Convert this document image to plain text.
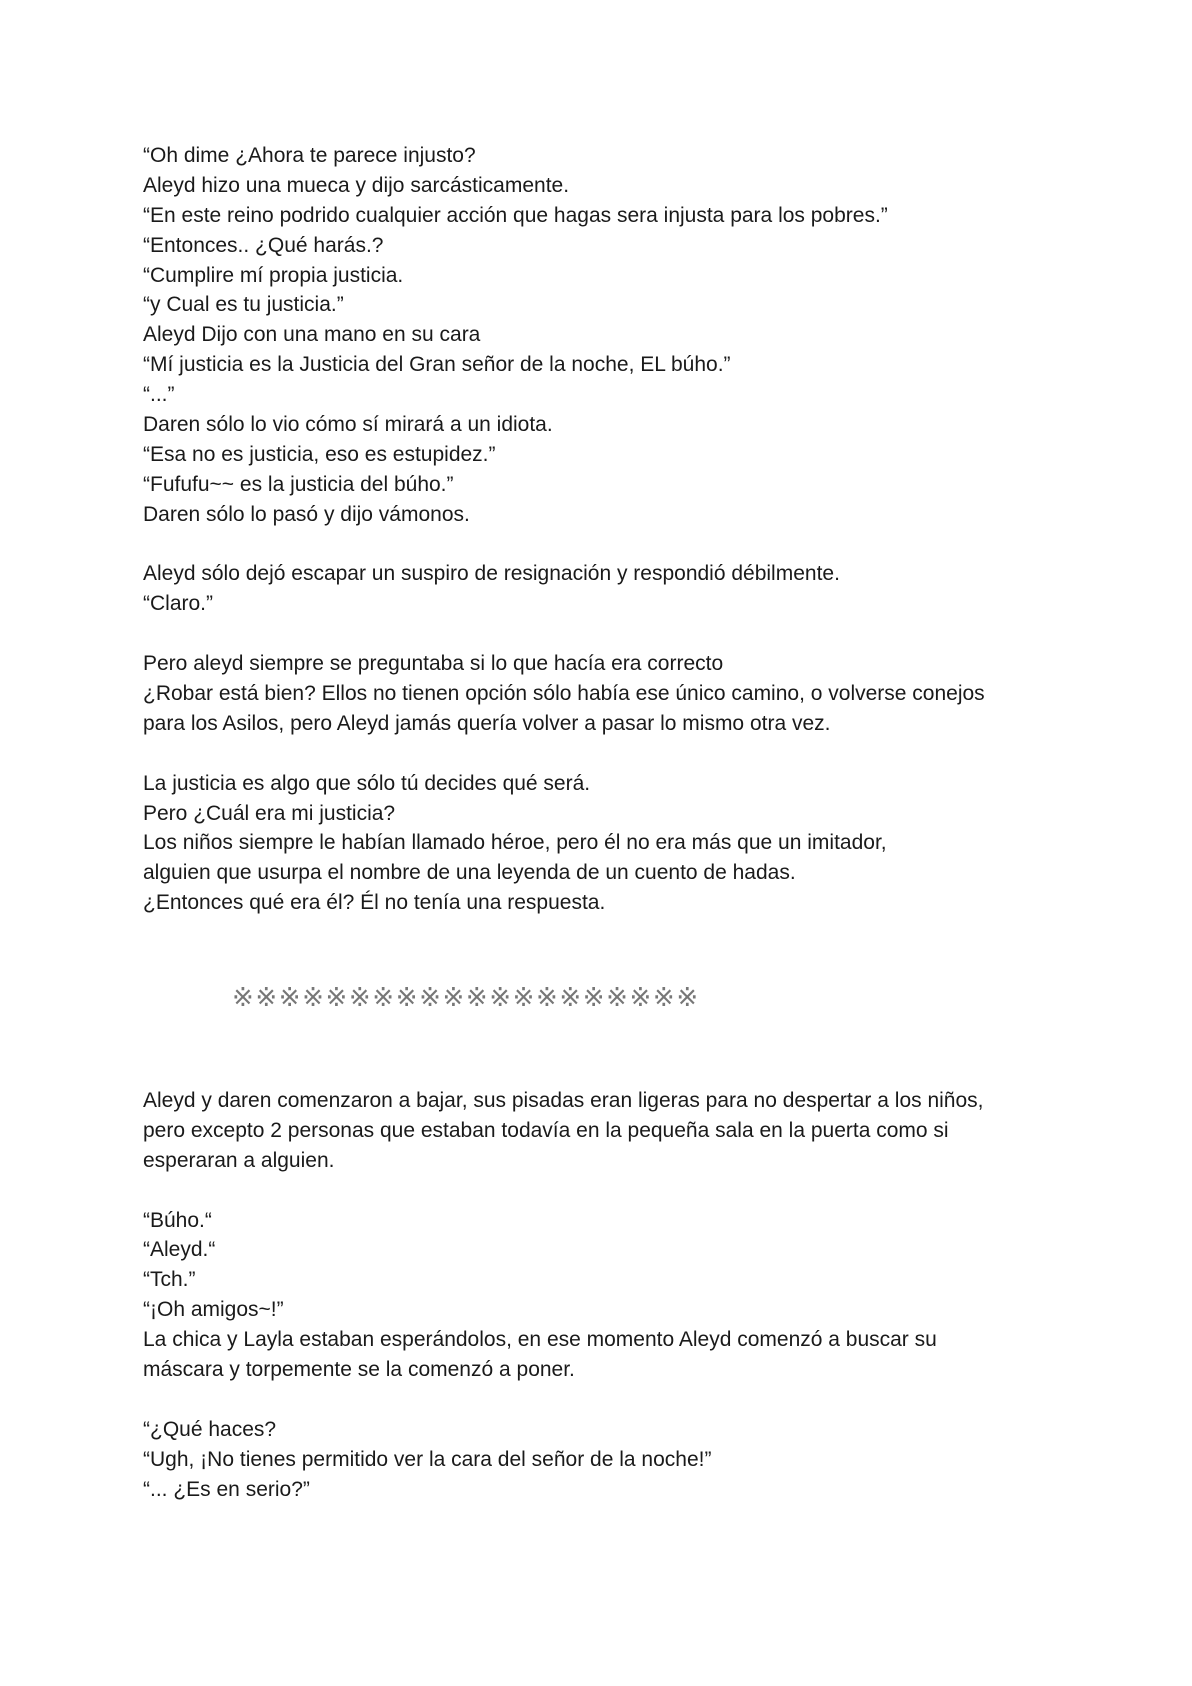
“Oh dime ¿Ahora te parece injusto?
Aleyd hizo una mueca y dijo sarcásticamente.
“En este reino podrido cualquier acción que hagas sera injusta para los pobres.”
“Entonces.. ¿Qué harás.?
“Cumplire mí propia justicia.
“y Cual es tu justicia.”
Aleyd Dijo con una mano en su cara
“Mí justicia es la Justicia del Gran señor de la noche, EL búho.”
“...”
Daren sólo lo vio cómo sí mirará a un idiota.
“Esa no es justicia, eso es estupidez.”
“Fufufu~~ es la justicia del búho.”
Daren sólo lo pasó y dijo vámonos.
Aleyd sólo dejó escapar un suspiro de resignación y respondió débilmente.
“Claro.”
Pero aleyd siempre se preguntaba si lo que hacía era correcto
¿Robar está bien? Ellos no tienen opción sólo había ese único camino, o volverse conejos
para los Asilos, pero Aleyd jamás quería volver a pasar lo mismo otra vez.
La justicia es algo que sólo tú decides qué será.
Pero ¿Cuál era mi justicia?
Los niños siempre le habían llamado héroe, pero él no era más que un imitador,
alguien que usurpa el nombre de una leyenda de un cuento de hadas.
¿Entonces qué era él? Él no tenía una respuesta.
※※※※※※※※※※※※※※※※※※※※
Aleyd y daren comenzaron a bajar, sus pisadas eran ligeras para no despertar a los niños,
pero excepto 2 personas que estaban todavía en la pequeña sala en la puerta como si
esperaran a alguien.
“Búho.“
“Aleyd.“
“Tch.”
“¡Oh amigos~!”
La chica y Layla estaban esperándolos, en ese momento Aleyd comenzó a buscar su
máscara y torpemente se la comenzó a poner.
“¿Qué haces?
“Ugh, ¡No tienes permitido ver la cara del señor de la noche!”
“... ¿Es en serio?”
